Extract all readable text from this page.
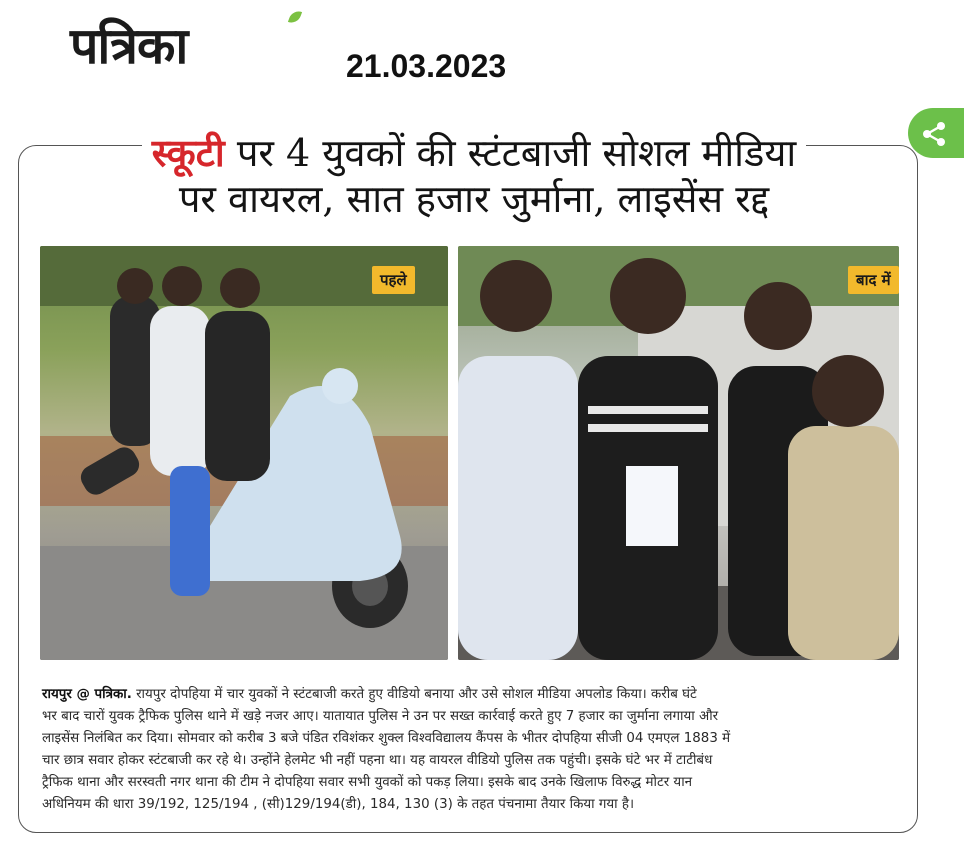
पत्रिका	21.03.2023
स्कूटी पर 4 युवकों की स्टंटबाजी सोशल मीडिया
पर वायरल, सात हजार जुर्माना, लाइसेंस रद्द
पहले	बाद में

रायपुर @ पत्रिका. रायपुर दोपहिया में चार युवकों ने स्टंटबाजी करते हुए वीडियो बनाया और उसे सोशल मीडिया अपलोड किया। करीब घंटे
भर बाद चारों युवक ट्रैफिक पुलिस थाने में खड़े नजर आए। यातायात पुलिस ने उन पर सख्त कार्रवाई करते हुए 7 हजार का जुर्माना लगाया और
लाइसेंस निलंबित कर दिया। सोमवार को करीब 3 बजे पंडित रविशंकर शुक्ल विश्वविद्यालय कैंपस के भीतर दोपहिया सीजी 04 एमएल 1883 में
चार छात्र सवार होकर स्टंटबाजी कर रहे थे। उन्होंने हेलमेट भी नहीं पहना था। यह वायरल वीडियो पुलिस तक पहुंची। इसके घंटे भर में टाटीबंध
ट्रैफिक थाना और सरस्वती नगर थाना की टीम ने दोपहिया सवार सभी युवकों को पकड़ लिया। इसके बाद उनके खिलाफ विरुद्ध मोटर यान
अधिनियम की धारा 39/192, 125/194 , (सी)129/194(डी), 184, 130 (3) के तहत पंचनामा तैयार किया गया है।
